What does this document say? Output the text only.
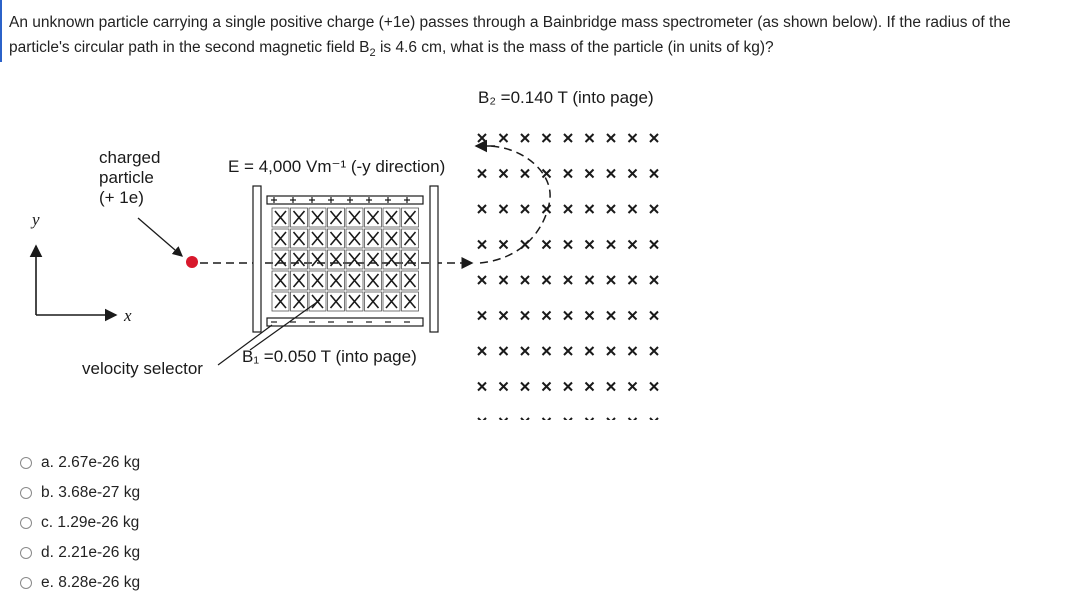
An unknown particle carrying a single positive charge (+1e) passes through a Bainbridge mass spectrometer (as shown below). If the radius of the
particle's circular path in the second magnetic field $B_2$ is 4.6 cm, what is the mass of the particle (in units of kg)?
B₂ =0.140 T (into page)
E = 4,000 Vm⁻¹ (-y direction)
B₁ =0.050 T (into page)
charged
particle
(+ 1e)
velocity selector
y
x
a. 2.67e-26 kg
b. 3.68e-27 kg
c. 1.29e-26 kg
d. 2.21e-26 kg
e. 8.28e-26 kg
